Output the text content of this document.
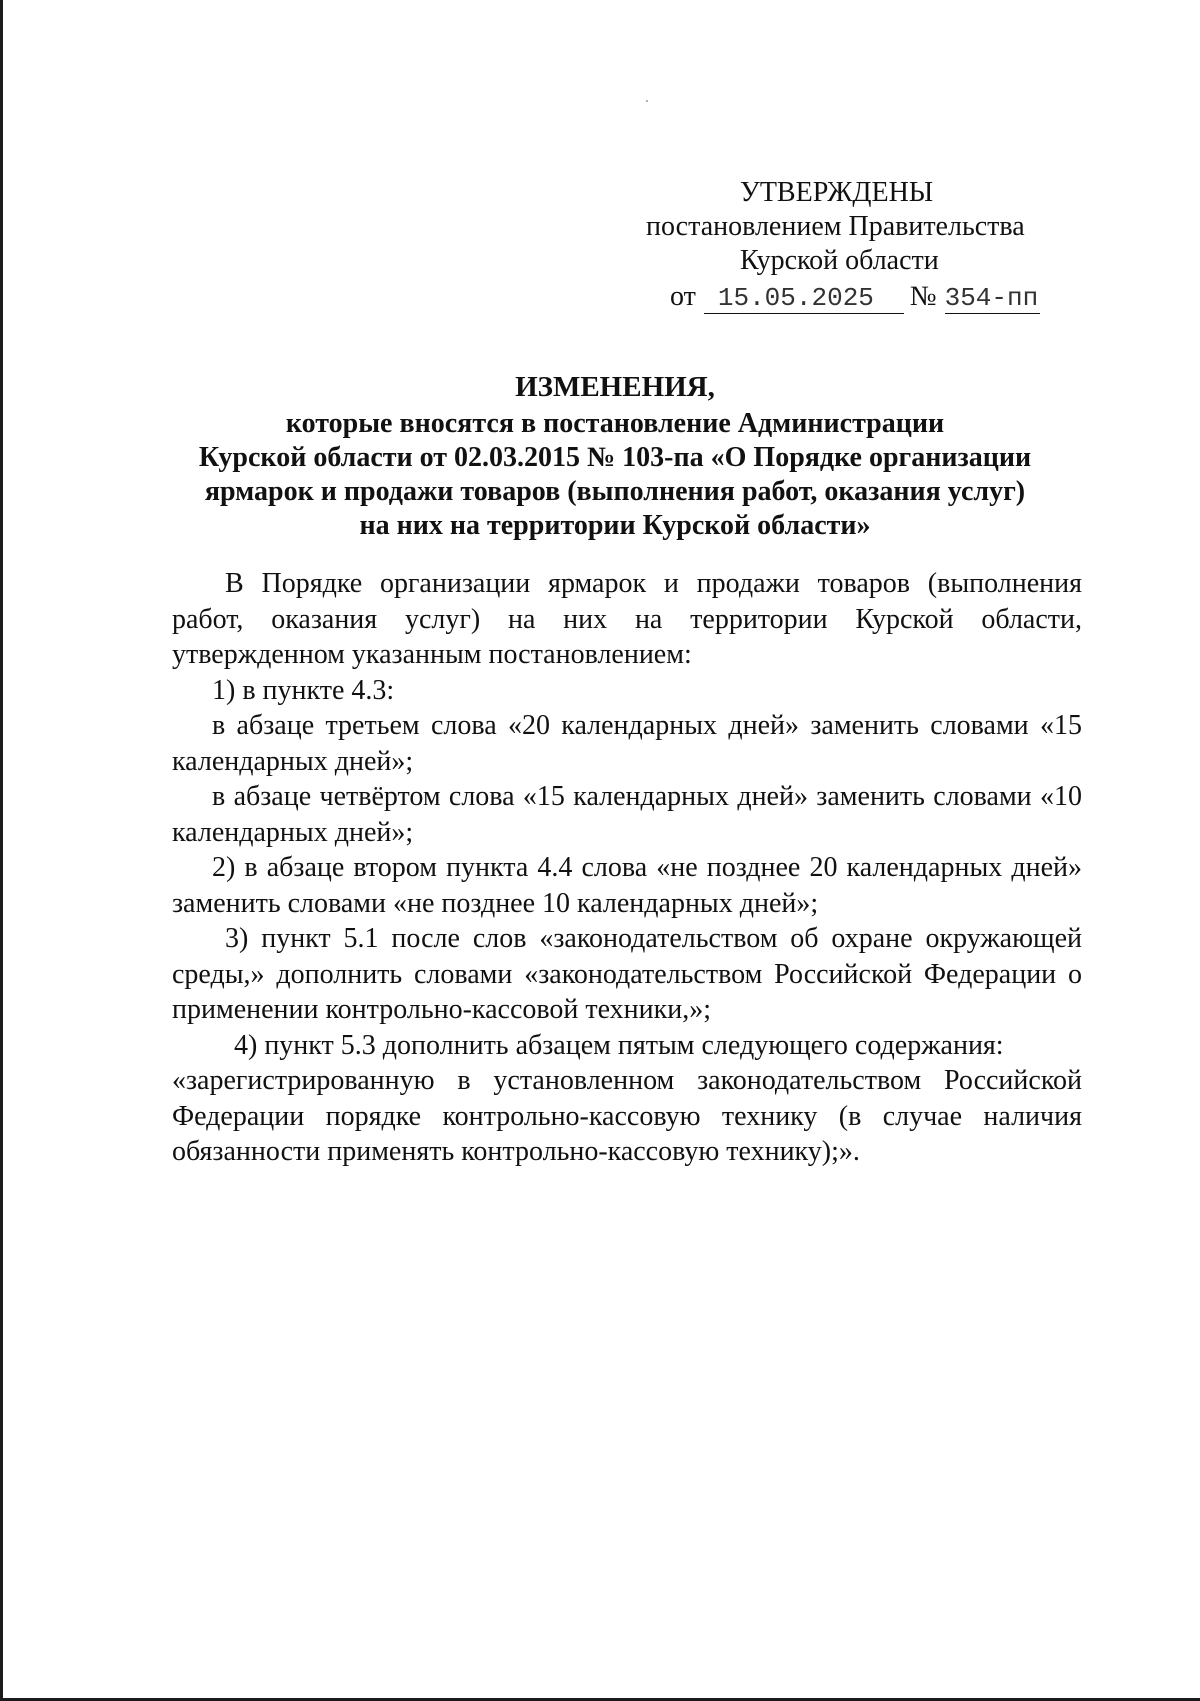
УТВЕРЖДЕНЫ
постановлением Правительства
Курской области
от 15.05.2025 № 354-пп
ИЗМЕНЕНИЯ,
которые вносятся в постановление Администрации
Курской области от 02.03.2015 № 103-па «О Порядке организации
ярмарок и продажи товаров (выполнения работ, оказания услуг)
на них на территории Курской области»

В Порядке организации ярмарок и продажи товаров (выполнения работ, оказания услуг) на них на территории Курской области, утвержденном указанным постановлением:

1) в пункте 4.3:

в абзаце третьем слова «20 календарных дней» заменить словами «15 календарных дней»;

в абзаце четвёртом слова «15 календарных дней» заменить словами «10 календарных дней»;

2) в абзаце втором пункта 4.4 слова «не позднее 20 календарных дней» заменить словами «не позднее 10 календарных дней»;

3) пункт 5.1 после слов «законодательством об охране окружающей среды,» дополнить словами «законодательством Российской Федерации о применении контрольно-кассовой техники,»;

4) пункт 5.3 дополнить абзацем пятым следующего содержания:

«зарегистрированную в установленном законодательством Российской Федерации порядке контрольно-кассовую технику (в случае наличия обязанности применять контрольно-кассовую технику);».
